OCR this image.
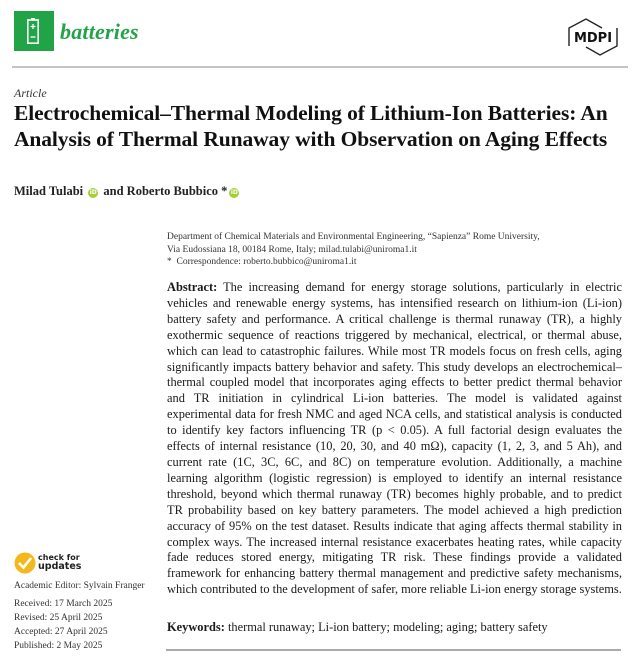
batteries	MDPI
Article
Electrochemical–Thermal Modeling of Lithium-Ion Batteries: An Analysis of Thermal Runaway with Observation on Aging Effects
Milad Tulabi iD and Roberto Bubbico * iD
Department of Chemical Materials and Environmental Engineering, “Sapienza” Rome University,
Via Eudossiana 18, 00184 Rome, Italy; milad.tulabi@uniroma1.it
* Correspondence: roberto.bubbico@uniroma1.it
Abstract: The increasing demand for energy storage solutions, particularly in electric vehicles and renewable energy systems, has intensified research on lithium-ion (Li-ion) battery safety and performance. A critical challenge is thermal runaway (TR), a highly exothermic sequence of reactions triggered by mechanical, electrical, or thermal abuse, which can lead to catastrophic failures. While most TR models focus on fresh cells, aging significantly impacts battery behavior and safety. This study develops an electrochemical–thermal coupled model that incorporates aging effects to better predict thermal behavior and TR initiation in cylindrical Li-ion batteries. The model is validated against experimental data for fresh NMC and aged NCA cells, and statistical analysis is conducted to identify key factors influencing TR (p < 0.05). A full factorial design evaluates the effects of internal resistance (10, 20, 30, and 40 mΩ), capacity (1, 2, 3, and 5 Ah), and current rate (1C, 3C, 6C, and 8C) on temperature evolution. Additionally, a machine learning algorithm (logistic regression) is employed to identify an internal resistance threshold, beyond which thermal runaway (TR) becomes highly probable, and to predict TR probability based on key battery parameters. The model achieved a high prediction accuracy of 95% on the test dataset. Results indicate that aging affects thermal stability in complex ways. The increased internal resistance exacerbates heating rates, while capacity fade reduces stored energy, mitigating TR risk. These findings provide a validated framework for enhancing battery thermal management and predictive safety mechanisms, which contributed to the development of safer, more reliable Li-ion energy storage systems.
Keywords: thermal runaway; Li-ion battery; modeling; aging; battery safety
check for
updates
Academic Editor: Sylvain Franger
Received: 17 March 2025
Revised: 25 April 2025
Accepted: 27 April 2025
Published: 2 May 2025
